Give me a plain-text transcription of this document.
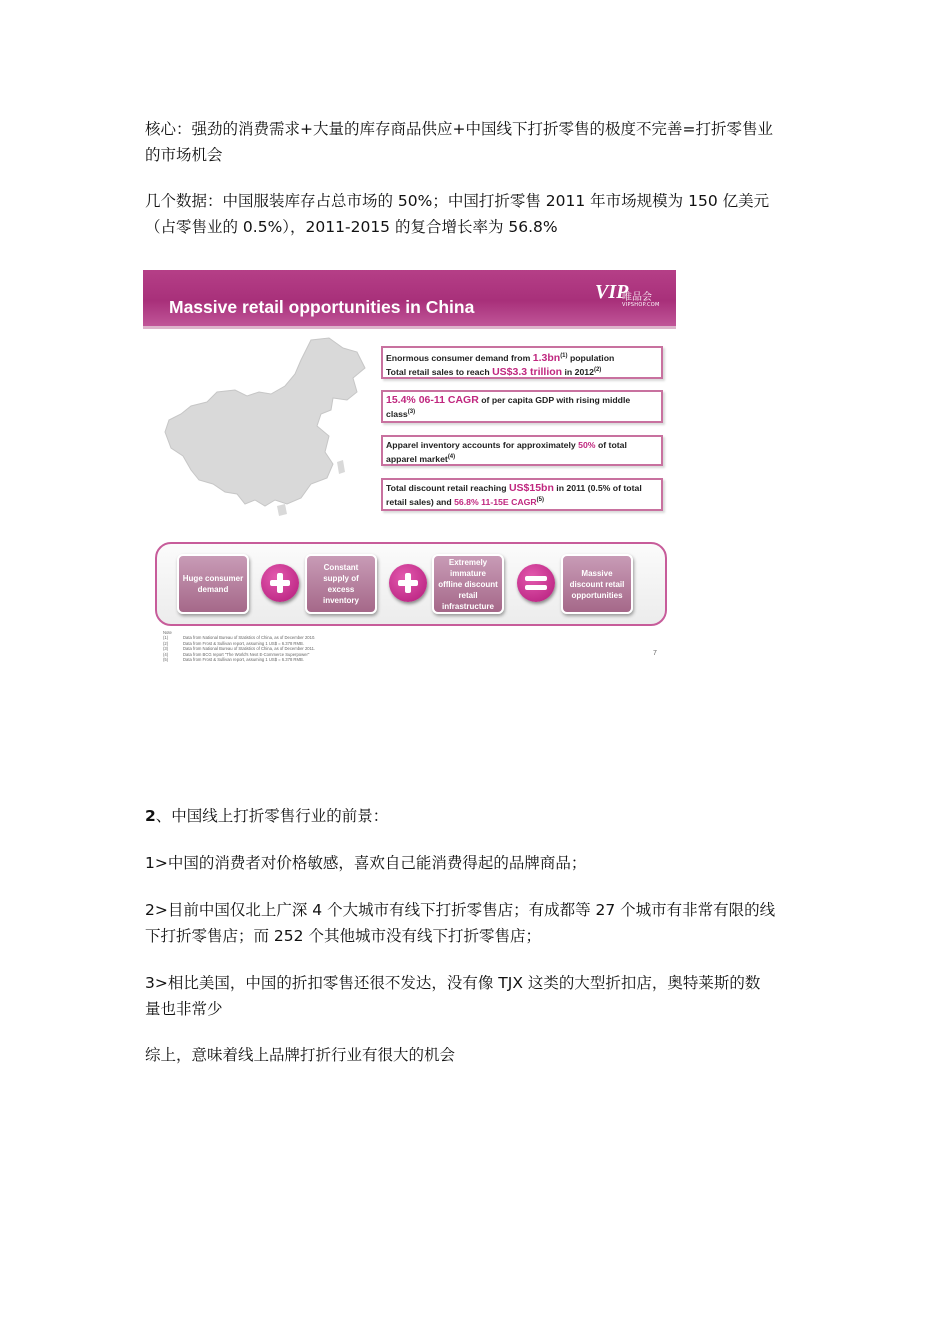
核心：强劲的消费需求+大量的库存商品供应+中国线下打折零售的极度不完善=打折零售业
的市场机会
几个数据：中国服装库存占总市场的 50%；中国打折零售 2011 年市场规模为 150 亿美元
（占零售业的 0.5%），2011-2015 的复合增长率为 56.8%
Massive retail opportunities in China
VIP
唯品会
VIPSHOP.COM
Enormous consumer demand from $1.3bn^{(1)}$ population
Total retail sales to reach US$3.3 trillion in 2012$^{(2)}$
15.4% 06-11 CAGR of per capita GDP with rising middle class$^{(3)}$
Apparel inventory accounts for approximately 50% of total apparel market$^{(4)}$
Total discount retail reaching US$15bn in 2011 (0.5% of total retail sales) and 56.8% 11-15E CAGR$^{(5)}$
Huge consumer demand
Constant supply of excess inventory
Extremely immature offline discount retail infrastructure
Massive discount retail opportunities
Note
(1)	Data from National Bureau of Statistics of China, as of December 2010.
(2)	Data from Frost & Sullivan report, assuming 1 US$ = 6.378 RMB.
(3)	Data from National Bureau of Statistics of China, as of December 2011.
(4)	Data from BCG report "The World's Next E-Commerce Superpower"
(5)	Data from Frost & Sullivan report, assuming 1 US$ = 6.378 RMB.
7
2、中国线上打折零售行业的前景：
1>中国的消费者对价格敏感，喜欢自己能消费得起的品牌商品；
2>目前中国仅北上广深 4 个大城市有线下打折零售店；有成都等 27 个城市有非常有限的线
下打折零售店；而 252 个其他城市没有线下打折零售店；
3>相比美国，中国的折扣零售还很不发达，没有像 TJX 这类的大型折扣店，奥特莱斯的数
量也非常少
综上，意味着线上品牌打折行业有很大的机会
